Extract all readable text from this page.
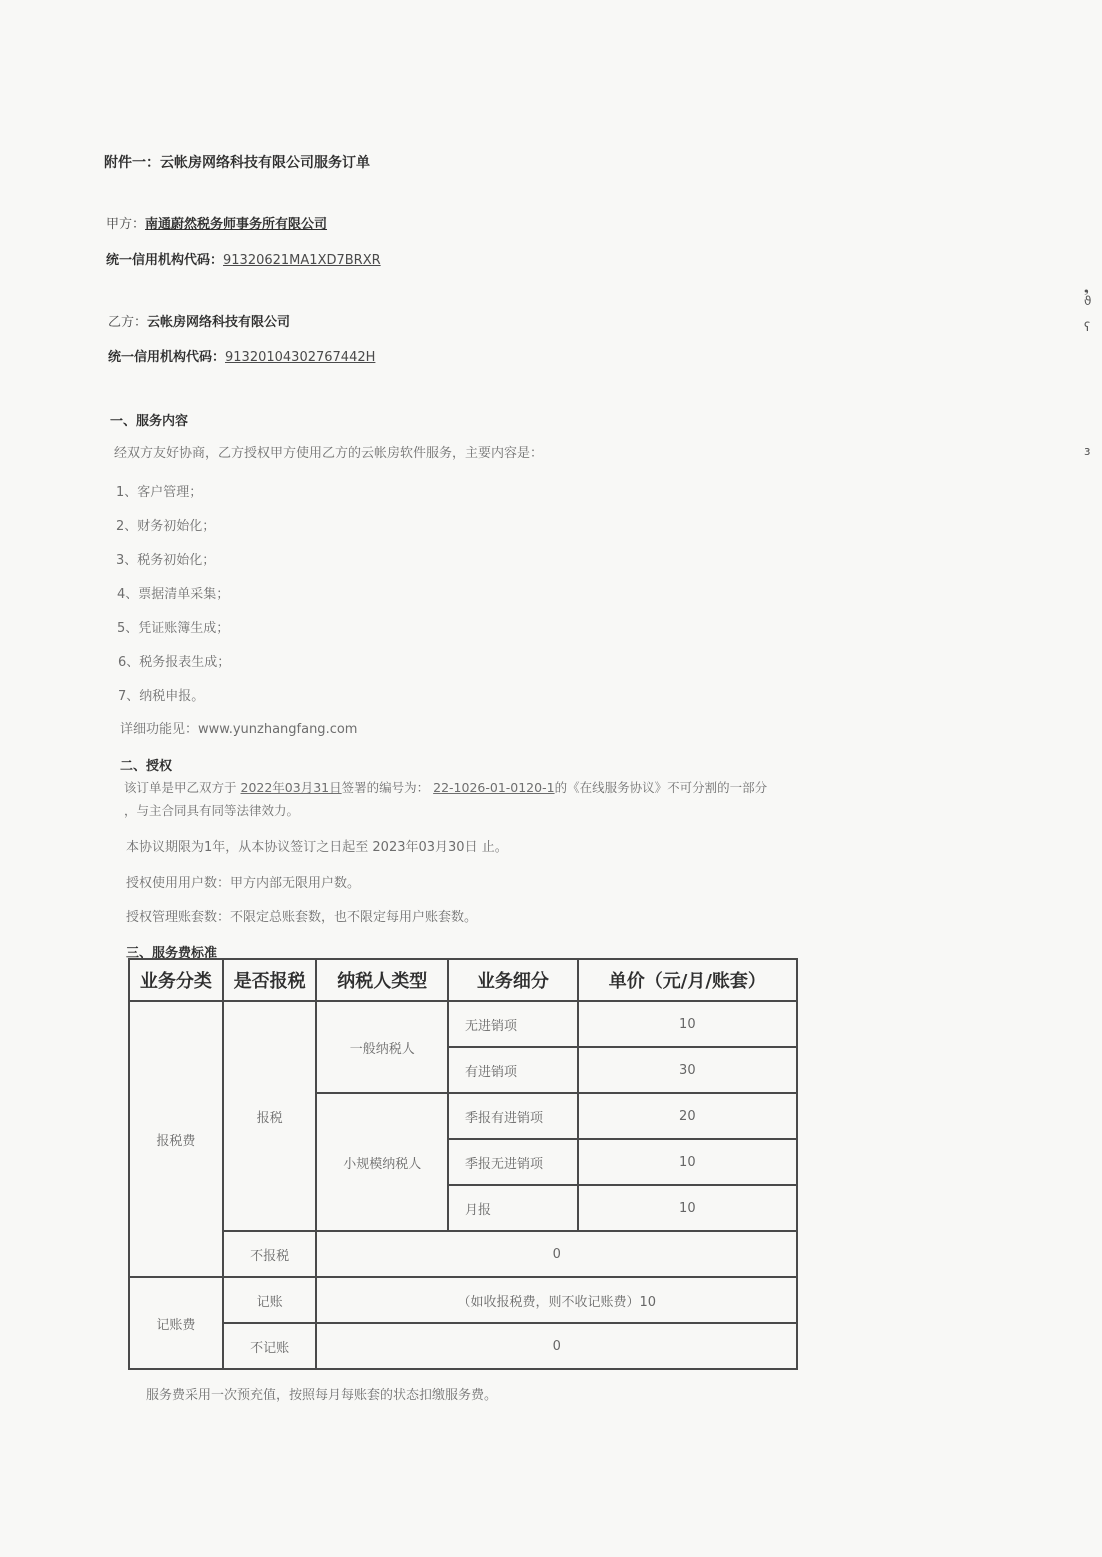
附件一：云帐房网络科技有限公司服务订单
甲方：南通蔚然税务师事务所有限公司
统一信用机构代码：91320621MA1XD7BRXR
乙方：云帐房网络科技有限公司
统一信用机构代码：91320104302767442H
一、服务内容
经双方友好协商，乙方授权甲方使用乙方的云帐房软件服务，主要内容是：
1、客户管理；
2、财务初始化；
3、税务初始化；
4、票据清单采集；
5、凭证账簿生成；
6、税务报表生成；
7、纳税申报。
详细功能见：www.yunzhangfang.com
二、授权
该订单是甲乙双方于 2022年03月31日签署的编号为： 22-1026-01-0120-1的《在线服务协议》不可分割的一部分
，与主合同具有同等法律效力。
本协议期限为1年，从本协议签订之日起至 2023年03月30日 止。
授权使用用户数：甲方内部无限用户数。
授权管理账套数：不限定总账套数，也不限定每用户账套数。
三、服务费标准
业务分类	是否报税	纳税人类型	业务细分	单价（元/月/账套）
报税费	报税	一般纳税人	无进销项	10
			有进销项	30
		小规模纳税人	季报有进销项	20
			季报无进销项	10
			月报	10
	不报税	0		
记账费	记账	（如收报税费，则不收记账费）10		
	不记账	0		
服务费采用一次预充值，按照每月每账套的状态扣缴服务费。
❟
ϑ

ʕ
ɜ
